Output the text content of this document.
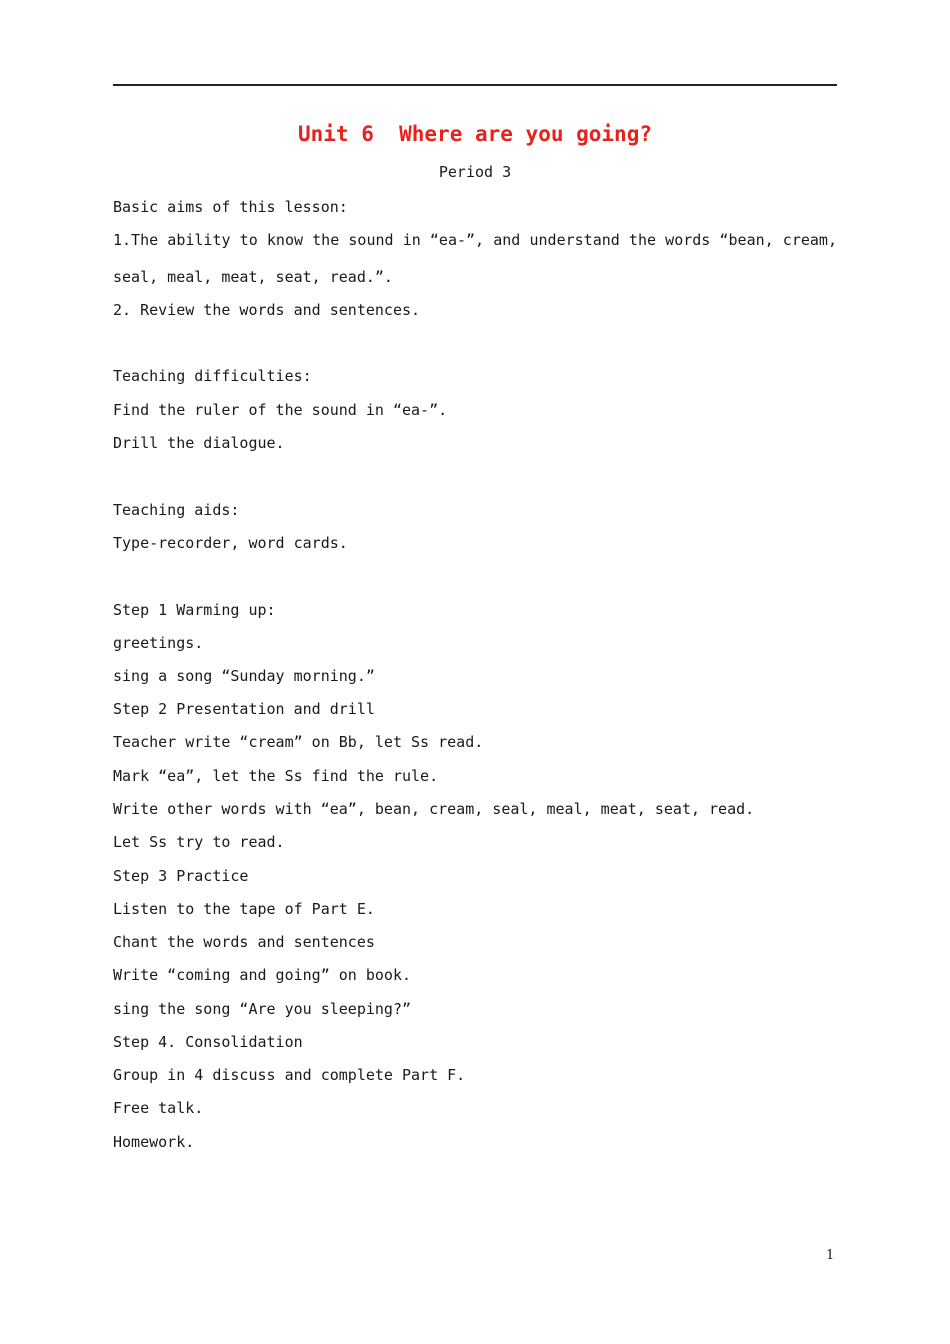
Unit 6  Where are you going?
Period 3
Basic aims of this lesson:
1.The ability to know the sound in “ea-”, and understand the words “bean, cream,
seal, meal, meat, seat, read.”.
2. Review the words and sentences.
Teaching difficulties:
Find the ruler of the sound in “ea-”.
Drill the dialogue.
Teaching aids:
Type-recorder, word cards.
Step 1 Warming up:
greetings.
sing a song “Sunday morning.”
Step 2 Presentation and drill
Teacher write “cream” on Bb, let Ss read.
Mark “ea”, let the Ss find the rule.
Write other words with “ea”, bean, cream, seal, meal, meat, seat, read.
Let Ss try to read.
Step 3 Practice
Listen to the tape of Part E.
Chant the words and sentences
Write “coming and going” on book.
sing the song “Are you sleeping?”
Step 4. Consolidation
Group in 4 discuss and complete Part F.
Free talk.
Homework.
1
